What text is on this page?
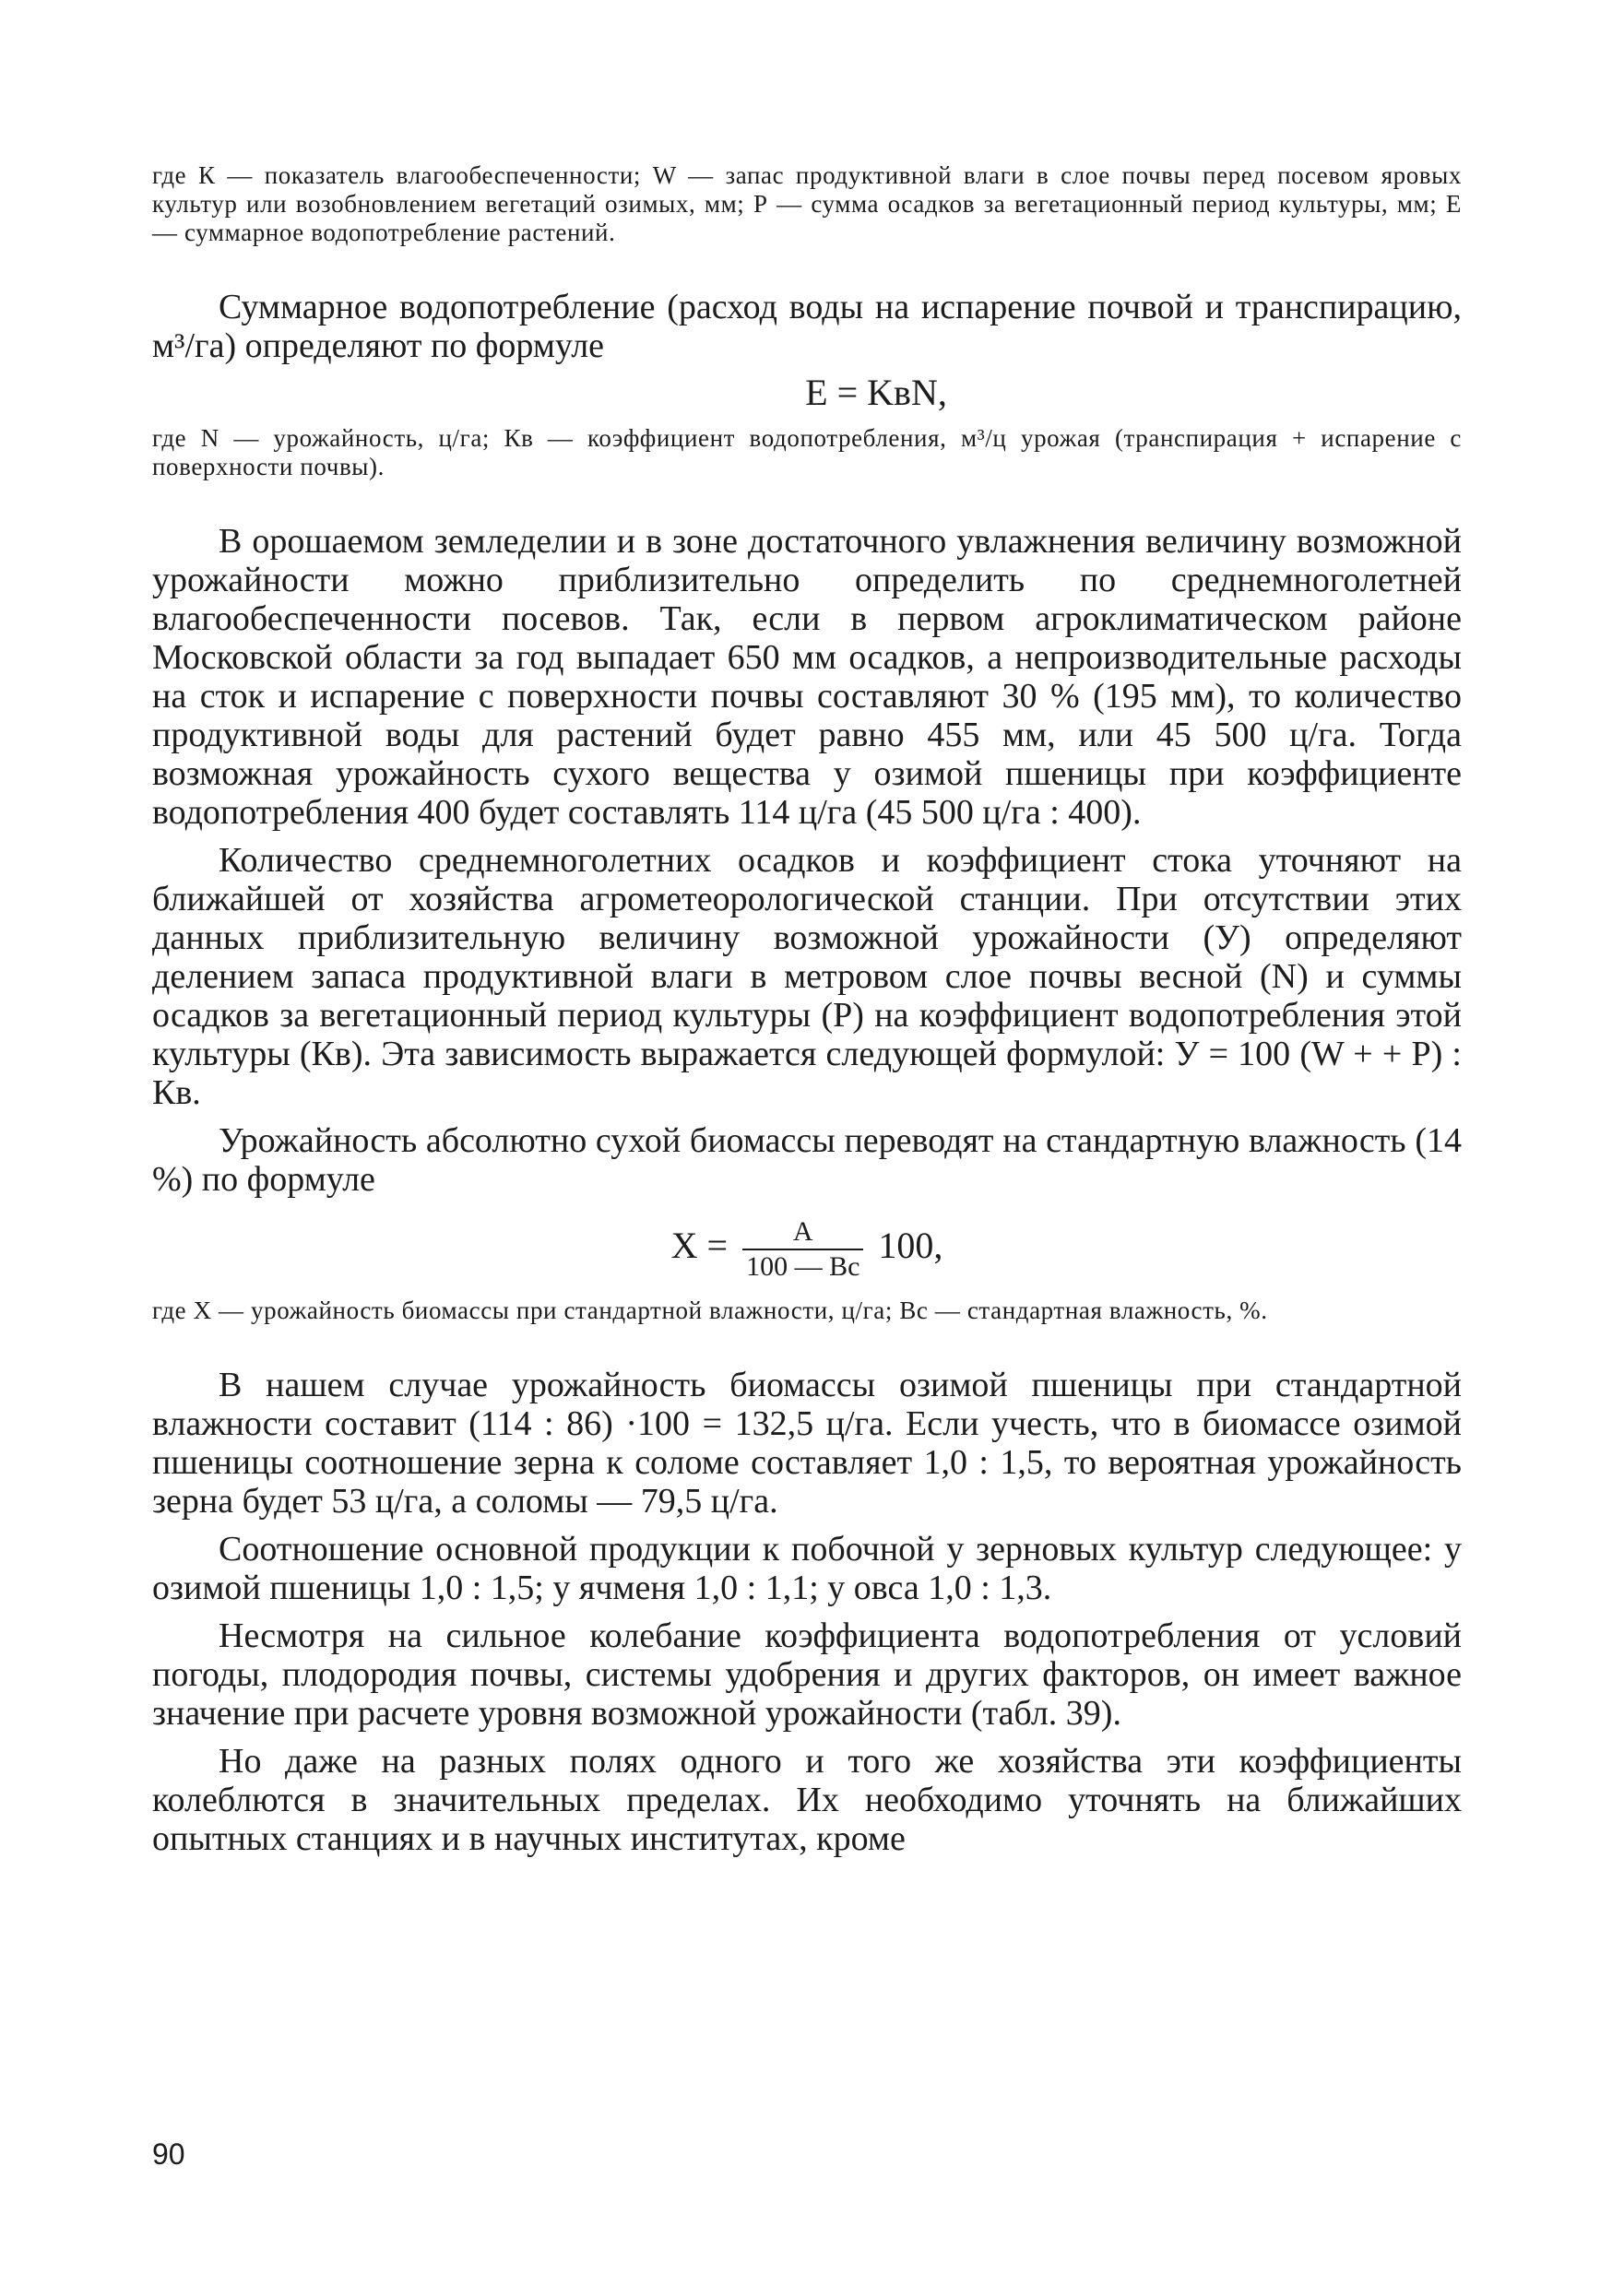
где К — показатель влагообеспеченности; W — запас продуктивной влаги в слое почвы перед посевом яровых культур или возобновлением вегетаций озимых, мм; Р — сумма осадков за вегетационный период культуры, мм; Е — суммарное водопотребление растений.

Суммарное водопотребление (расход воды на испарение почвой и транспирацию, м³/га) определяют по формуле

E = KвN,

где N — урожайность, ц/га; Кв — коэффициент водопотребления, м³/ц урожая (транспирация + испарение с поверхности почвы).

В орошаемом земледелии и в зоне достаточного увлажнения величину возможной урожайности можно приблизительно определить по среднемноголетней влагообеспеченности посевов. Так, если в первом агроклиматическом районе Московской области за год выпадает 650 мм осадков, а непроизводительные расходы на сток и испарение с поверхности почвы составляют 30 % (195 мм), то количество продуктивной воды для растений будет равно 455 мм, или 45 500 ц/га. Тогда возможная урожайность сухого вещества у озимой пшеницы при коэффициенте водопотребления 400 будет составлять 114 ц/га (45 500 ц/га : 400).

Количество среднемноголетних осадков и коэффициент стока уточняют на ближайшей от хозяйства агрометеорологической станции. При отсутствии этих данных приблизительную величину возможной урожайности (У) определяют делением запаса продуктивной влаги в метровом слое почвы весной (N) и суммы осадков за вегетационный период культуры (Р) на коэффициент водопотребления этой культуры (Кв). Эта зависимость выражается следующей формулой: У = 100 (W + + Р) : Кв.

Урожайность абсолютно сухой биомассы переводят на стандартную влажность (14 %) по формуле

$X = \frac{A}{100 — Bc} 100$,

где X — урожайность биомассы при стандартной влажности, ц/га; Вс — стандартная влажность, %.

В нашем случае урожайность биомассы озимой пшеницы при стандартной влажности составит (114 : 86) ·100 = 132,5 ц/га. Если учесть, что в биомассе озимой пшеницы соотношение зерна к соломе составляет 1,0 : 1,5, то вероятная урожайность зерна будет 53 ц/га, а соломы — 79,5 ц/га.

Соотношение основной продукции к побочной у зерновых культур следующее: у озимой пшеницы 1,0 : 1,5; у ячменя 1,0 : 1,1; у овса 1,0 : 1,3.

Несмотря на сильное колебание коэффициента водопотребления от условий погоды, плодородия почвы, системы удобрения и других факторов, он имеет важное значение при расчете уровня возможной урожайности (табл. 39).

Но даже на разных полях одного и того же хозяйства эти коэффициенты колеблются в значительных пределах. Их необходимо уточнять на ближайших опытных станциях и в научных институтах, кроме

90
